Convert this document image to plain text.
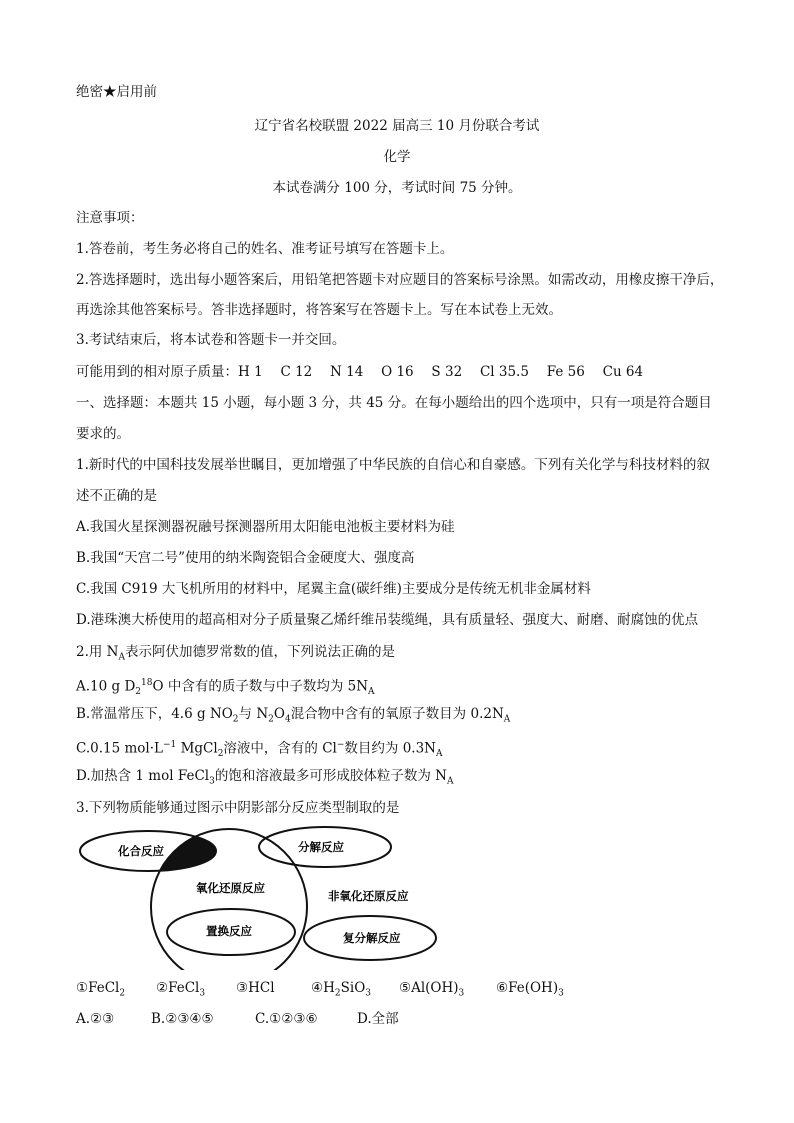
绝密★启用前
辽宁省名校联盟 2022 届高三 10 月份联合考试
化学
本试卷满分 100 分，考试时间 75 分钟。
注意事项：
1.答卷前，考生务必将自己的姓名、准考证号填写在答题卡上。
2.答选择题时，选出每小题答案后，用铅笔把答题卡对应题目的答案标号涂黑。如需改动，用橡皮擦干净后，
再选涂其他答案标号。答非选择题时，将答案写在答题卡上。写在本试卷上无效。
3.考试结束后，将本试卷和答题卡一并交回。
可能用到的相对原子质量：H 1　 C 12　 N 14　 O 16　 S 32　 Cl 35.5　 Fe 56　 Cu 64
一、选择题：本题共 15 小题，每小题 3 分，共 45 分。在每小题给出的四个选项中，只有一项是符合题目
要求的。
1.新时代的中国科技发展举世瞩目，更加增强了中华民族的自信心和自豪感。下列有关化学与科技材料的叙
述不正确的是
A.我国火星探测器祝融号探测器所用太阳能电池板主要材料为硅
B.我国“天宫二号”使用的纳米陶瓷铝合金硬度大、强度高
C.我国 C919 大飞机所用的材料中，尾翼主盒(碳纤维)主要成分是传统无机非金属材料
D.港珠澳大桥使用的超高相对分子质量聚乙烯纤维吊装缆绳，具有质量轻、强度大、耐磨、耐腐蚀的优点
2.用 $N_A$表示阿伏加德罗常数的值，下列说法正确的是
A.10 g $D_2^{18}O$ 中含有的质子数与中子数均为 $5N_A$
B.常温常压下，4.6 g $NO_2$与 $N_2O_4$混合物中含有的氧原子数目为 $0.2N_A$
C.0.15 $mol\cdot L^{-1}$ MgCl$_2$溶液中，含有的 Cl−数目约为 $0.3N_A$
D.加热含 1 mol FeCl$_3$的饱和溶液最多可形成胶体粒子数为 $N_A$
3.下列物质能够通过图示中阴影部分反应类型制取的是
化合反应	分解反应
氧化还原反应
非氧化还原反应
置换反应	复分解反应
①FeCl$_2$ ②FeCl$_3$ ③HCl	$④H_2SiO_3$ $⑤Al(OH)_3$ $⑥Fe(OH)_3$
A.②③	B.②③④⑤	C.①②③⑥	D.全部
